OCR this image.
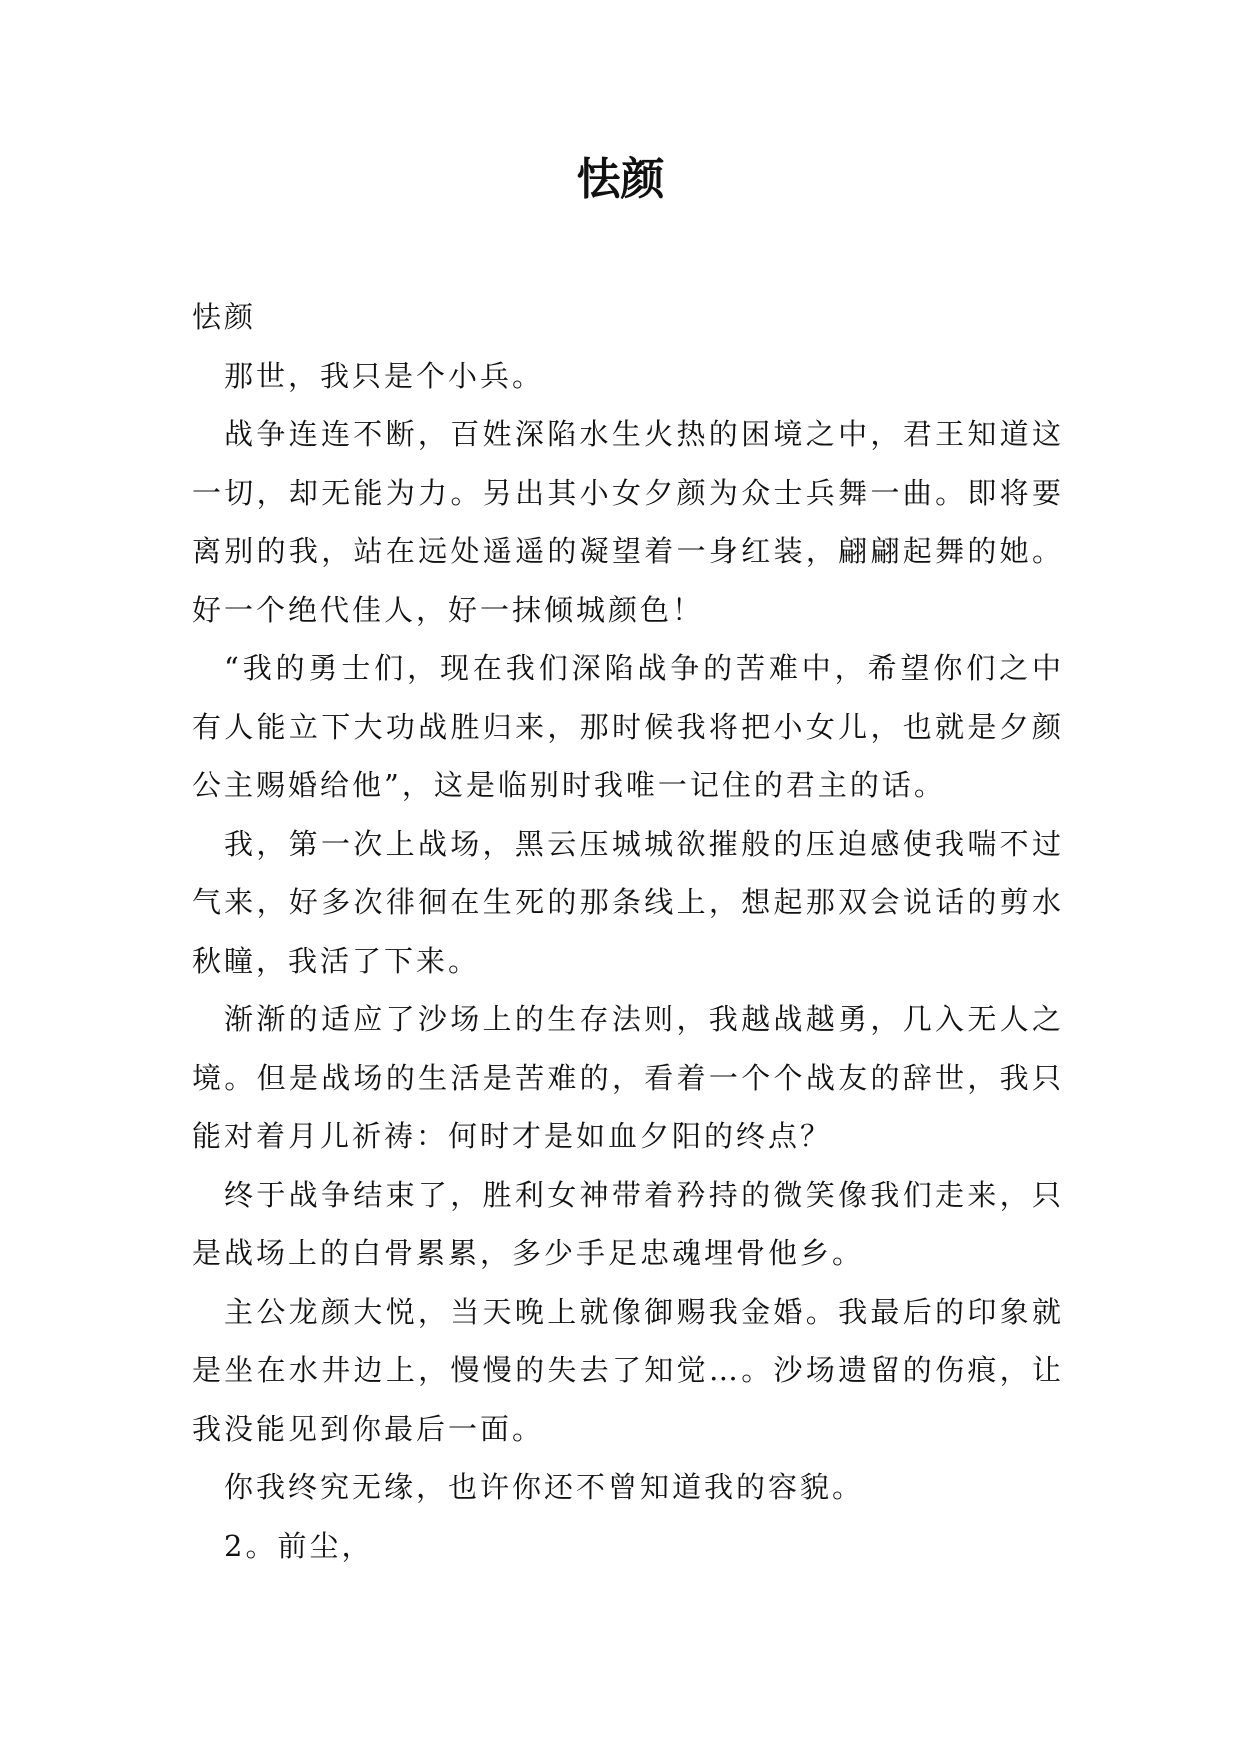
怯颜

怯颜

那世，我只是个小兵。

战争连连不断，百姓深陷水生火热的困境之中，君王知道这一切，却无能为力。另出其小女夕颜为众士兵舞一曲。即将要离别的我，站在远处遥遥的凝望着一身红装，翩翩起舞的她。好一个绝代佳人，好一抹倾城颜色！

“我的勇士们，现在我们深陷战争的苦难中，希望你们之中有人能立下大功战胜归来，那时候我将把小女儿，也就是夕颜公主赐婚给他”，这是临别时我唯一记住的君主的话。

我，第一次上战场，黑云压城城欲摧般的压迫感使我喘不过气来，好多次徘徊在生死的那条线上，想起那双会说话的剪水秋瞳，我活了下来。

渐渐的适应了沙场上的生存法则，我越战越勇，几入无人之境。但是战场的生活是苦难的，看着一个个战友的辞世，我只能对着月儿祈祷：何时才是如血夕阳的终点？

终于战争结束了，胜利女神带着矜持的微笑像我们走来，只是战场上的白骨累累，多少手足忠魂埋骨他乡。

主公龙颜大悦，当天晚上就像御赐我金婚。我最后的印象就是坐在水井边上，慢慢的失去了知觉…。沙场遗留的伤痕，让我没能见到你最后一面。

你我终究无缘，也许你还不曾知道我的容貌。

2。前尘，
